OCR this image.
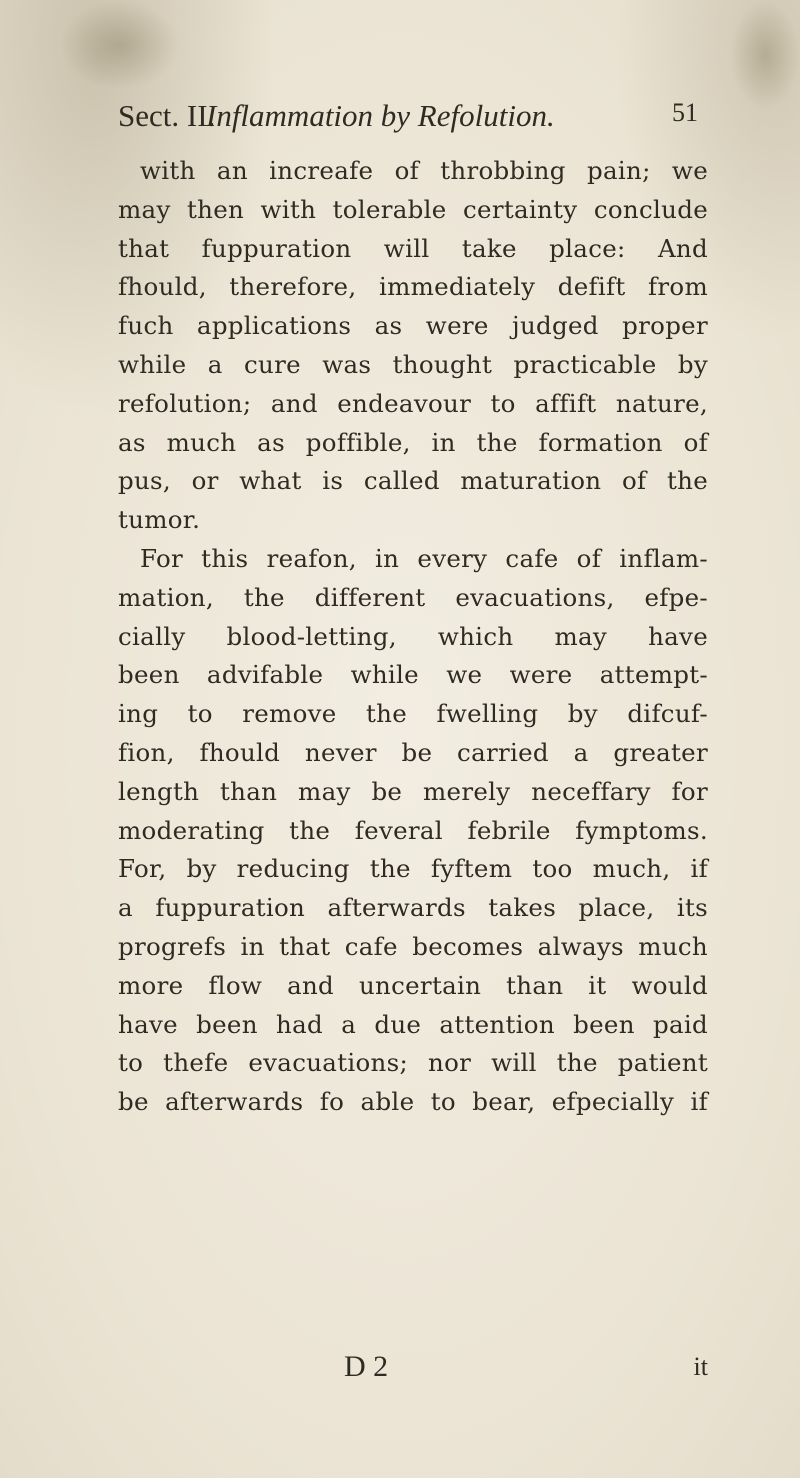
Sect. II.
Inflammation by Refolution.	51
with an increafe of throbbing pain; we
may then with tolerable certainty conclude
that fuppuration will take place: And
fhould, therefore, immediately defift from
fuch applications as were judged proper
while a cure was thought practicable by
refolution; and endeavour to affift nature,
as much as poffible, in the formation of
pus, or what is called maturation of the
tumor.
For this reafon, in every cafe of inflam-
mation, the different evacuations, efpe-
cially blood-letting, which may have
been advifable while we were attempt-
ing to remove the fwelling by difcuf-
fion, fhould never be carried a greater
length than may be merely neceffary for
moderating the feveral febrile fymptoms.
For, by reducing the fyftem too much, if
a fuppuration afterwards takes place, its
progrefs in that cafe becomes always much
more flow and uncertain than it would
have been had a due attention been paid
to thefe evacuations; nor will the patient
be afterwards fo able to bear, efpecially if
D 2	it
